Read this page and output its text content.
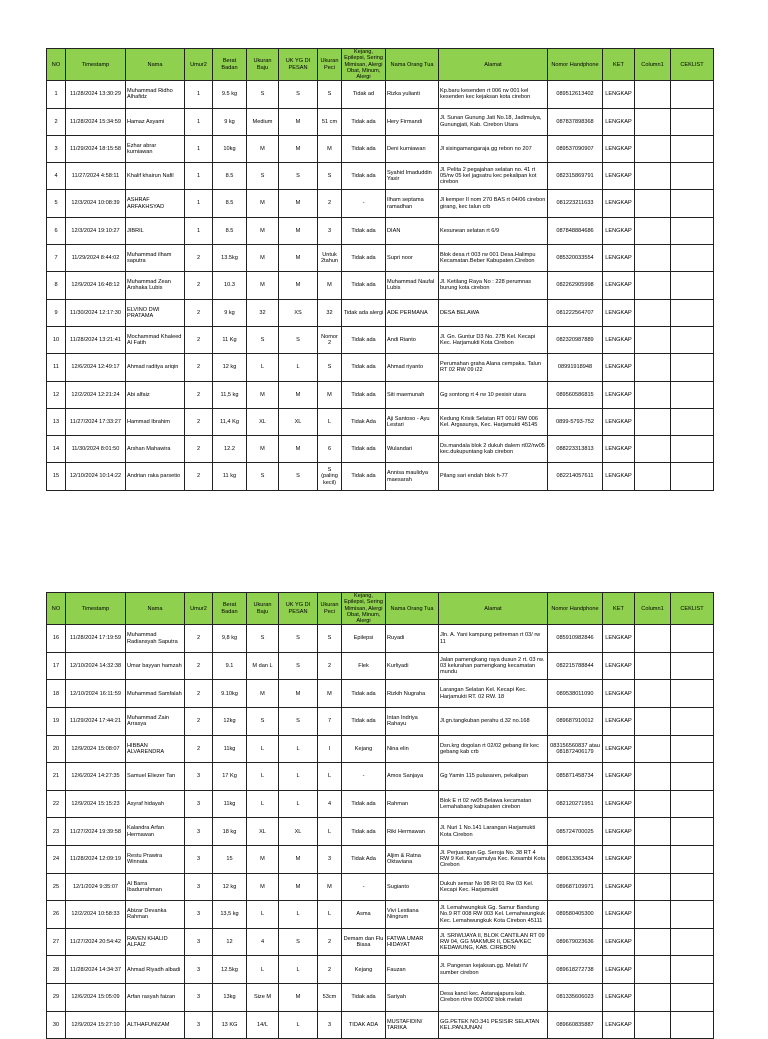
NO	Timestamp	Nama	Umur2	Berat Badan	Ukuran Baju	UK YG DI PESAN	Ukuran Peci	Kejang, Epilepsi, Sering Mimisan, Alergi Obat, Minum, Alergi	Nama Orang Tua	Alamat	Nomor Handphone	KET	Column1	CEKLIST
1	11/28/2024 13:30:29	Muhammad Ridho Alhafidz	1	9.5 kg	S	S	S	Tidak ad	Rizka yulianti	Kp.baru kesenden rt 006 rw 001 kel kesenden kec kejaksan kota cirebon	089512613402	LENGKAP		
2	11/28/2024 15:34:59	Hamaz Asyami	1	9 kg	Medium	M	51 cm	Tidak ada	Hery Firmandi	Jl. Sunan Gunung Jati No.18, Jadimulya, Gunungjati, Kab. Cirebon Utara	087837898368	LENGKAP		
3	11/29/2024 18:15:58	Ezhar abrar kurniawan	1	10kg	M	M	M	Tidak ada	Deni kurniawan	Jl sisingamangaraja gg rebon no 207	089537090907	LENGKAP		
4	11/27/2024 4:58:11	Khalif khairun Nafil	1	8.5	S	S	S	Tidak ada	Syahid Imaduddin Yasir	Jl. Pelita 2 pegajahan selatan no. 41 rt 05/rw 05 kel jagsatru kec pekalipan kot cirebon	082315869791	LENGKAP		
5	12/3/2024 10:08:39	ASHRAF ARFAKHSYAD	1	8.5	M	M	2	-	Ilham septama ramadhan	Jl kemper II nom 270 BAS rt 04/06 cirebon girang, kec talun crb	081223211633	LENGKAP		
6	12/3/2024 19:10:27	JIBRIL	1	8.5	M	M	3	Tidak ada	DIAN	Kesunean selatan rt 6/9	087848884686	LENGKAP		
7	11/29/2024 8:44:02	Muhammad ilham saputra	2	13.5kg	M	M	Untuk 2tahun	Tidak ada	Supri noor	Blok desa rt 003 rw 001 Desa.Halimpu Kecamatan.Beber Kabupaten.Cirebon	085320033554	LENGKAP		
8	12/9/2024 16:48:12	Muhammad Zean Arshaka Lubis	2	10.3	M	M	M	Tidak ada	Muhammad Naufal Lubis	Jl. Ketilang Raya No : 228 perumnas burung kota cirebon	082262905998	LENGKAP		
9	11/30/2024 12:17:30	ELVINO DWI PRATAMA	2	9 kg	32	XS	32	Tidak ada alergi	ADE PERMANA	DESA BELAWA	081222564707	LENGKAP		
10	11/28/2024 13:21:41	Mochammad Khaleed Al Fatih	2	11 Kg	S	S	Nomor 2	Tidak ada	Andi Rianto	Jl. Gn. Guntur D3 No. 27B Kel. Kecapi Kec. Harjamukti Kota Cirebon	082320987889	LENGKAP		
11	12/6/2024 12:49:17	Ahmad raditya ariqin	2	12 kg	L	L	S	Tidak ada	Ahmad riyanto	Perumahan graha Alana cempaka. Talun RT 02 RW 09 i22	08991918948	LENGKAP		
12	12/2/2024 12:21:24	Abi alfaiz	2	11,5 kg	M	M	M	Tidak ada	Siti maemunah	Gg sontong rt 4 rw 10 pesisir utara	089560586815	LENGKAP		
13	11/27/2024 17:33:27	Hammad Ibrahim	2	11,4 Kg	XL	XL	L	Tidak Ada	Aji Santoso - Ayu Lestari	Kedung Krisik Selatan RT 001/ RW 006 Kel. Argasunya, Kec. Harjamukti 45145	0899-5793-752	LENGKAP		
14	11/30/2024 8:01:50	Arshan Mahawira	2	12.2	M	M	6	Tidak ada	Wulandari	Ds.mandala blok 2 dukuh dalem rt02/rw05 kec.dukupuntang kab cirebon	088223313813	LENGKAP		
15	12/10/2024 10:14:22	Andrian raka parsetio	2	11 kg	S	S	S (paling kecil)	Tidak ada	Annisa maulidya maesarah	Pilang sari endah blok h-77	082214057611	LENGKAP		
NO	Timestamp	Nama	Umur2	Berat Badan	Ukuran Baju	UK YG DI PESAN	Ukuran Peci	Kejang, Epilepsi, Sering Mimisan, Alergi Obat, Minum, Alergi	Nama Orang Tua	Alamat	Nomor Handphone	KET	Column1	CEKLIST
16	11/28/2024 17:19:59	Muhammad Radiansyah Saputra	2	9,8 kg	S	S	S	Epilepsi	Ruyadi	Jln. A. Yani kampung petireman rt 03/ rw 11	085910982846	LENGKAP		
17	12/10/2024 14:32:38	Umar bayyan hamzah	2	9.1	M dan L	S	2	Flek	Kurliyadi	Jalan pamengkang raya dusun 2 rt. 03 rw. 03 kelurahan pamengkang kecamatan mundu	082215788844	LENGKAP		
18	12/10/2024 16:11:59	Muhammad Samfalah	2	9.10kg	M	M	M	Tidak ada	Rizkih Nugraha	Larangan Selatan Kel. Kecapi Kec. Harjamukti RT. 02 RW. 18	089538011090	LENGKAP		
19	11/29/2024 17:44:21	Muhammad Zain Arrasya	2	12kg	S	S	7	Tidak ada	Intan Indriya Rahayu	Jl.gn.tangkuban perahu d.32 no.168	089687910012	LENGKAP		
20	12/9/2024 15:08:07	HIBBAN ALVARENDRA	2	11kg	L	L	I	Kejang	Nina elin	Dsn.krg dogolan rt 02/02 gebang ilir kec gebang kab crb	083156560837 atau 081872406179	LENGKAP		
21	12/6/2024 14:27:35	Samuel Eliezer Tan	3	17 Kg	L	L	L	-	Amos Sanjaya	Gg Yamin 115 pulasaren, pekalipan	085871458734	LENGKAP		
22	12/9/2024 15:15:23	Asyraf hidayah	3	11kg	L	L	4	Tidak ada	Rahman	Blok E rt 02 rw05 Belawa kecamatan Lemahabang kabupaten cirebon	082120271951	LENGKAP		
23	11/27/2024 19:39:58	Kalandra Arfan Hermawan	3	18 kg	XL	XL	L	Tidak ada	Riki Hermawan	Jl. Nuri 1 No.141 Larangan Harjamukti Kota Cirebon	085724700025	LENGKAP		
24	11/28/2024 12:09:19	Restu Prawira Winnata	3	15	M	M	3	Tidak Ada	Aljim & Ratna Oktaviana	Jl. Perjuangan Gg. Seroja No. 38 RT 4 RW 9 Kel. Karyamulya Kec. Kesambi Kota Cirebon	089613363434	LENGKAP		
25	12/1/2024 9:35:07	Al Barra Ibadurrahman	3	12 kg	M	M	M	-	Sugianto	Dukuh semar No 98 Rt 01 Rw 03 Kel. Kecapi Kec. Harjamukti	089687109971	LENGKAP		
26	12/2/2024 10:58:33	Abizar Devanka Rahman	3	13,5 kg	L	L	L	Asma	Vivi Lestiana Ningrum	Jl. Lemahwungkuk Gg. Samur Bandung No.9 RT 008 RW 003 Kel. Lemahwungkuk Kec. Lemahwungkuk Kota Cirebon 45111	089580405300	LENGKAP		
27	11/27/2024 20:54:42	RAVEN KHALID ALFAIZ	3	12	4	S	2	Demam dan Flu Biasa	FATWA UMAR HIDAYAT	Jl. SRIWIJAYA II, BLOK CANTILAN RT 09 RW 04, GG MAKMUR II, DESA/KEC KEDAWUNG, KAB. CIREBON	089679023636	LENGKAP		
28	11/28/2024 14:34:37	Ahmad Riyadh albadi	3	12.5kg	L	L	2	Kejang	Fauzan	Jl. Pangeran kejaksan.gg. Melati IV sumber cirebon	089618272738	LENGKAP		
29	12/6/2024 15:05:09	Arfan rasyah faizan	3	13kg	Size M	M	53cm	Tidak ada	Sariyah	Desa kanci kec. Astanajapura kab. Cirebon rt/rw 002/002 blok melati	081335606023	LENGKAP		
30	12/9/2024 15:27:10	ALTHAFUNIZAM	3	13 KG	14/L	L	3	TIDAK ADA	MUSTAFIDIN/ TARIKA	GG.PETEK NO.341 PESISIR SELATAN KEL.PANJUNAN	089660835887	LENGKAP		
